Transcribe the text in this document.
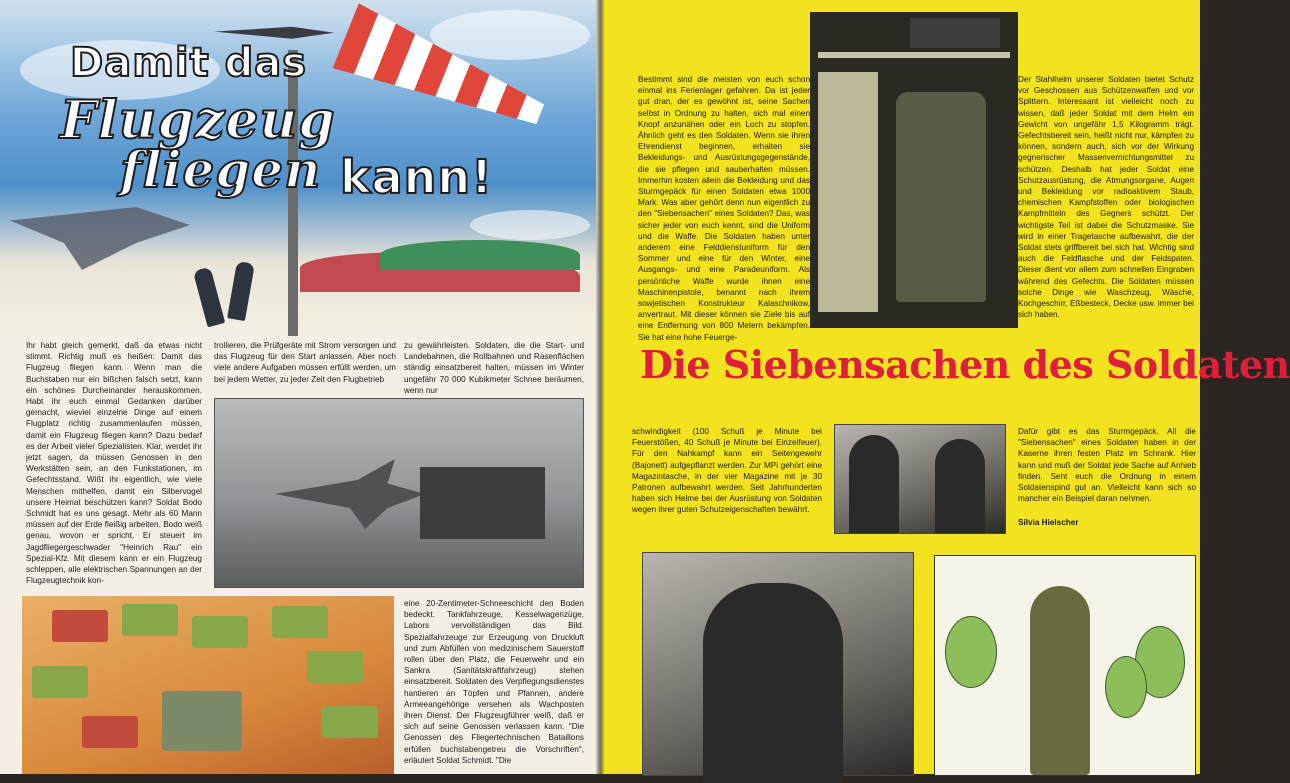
Damit das
Flugzeug
fliegen kann!

Ihr habt gleich gemerkt, daß da etwas nicht stimmt. Richtig muß es heißen: Damit das Flugzeug fliegen kann. Wenn man die Buchstaben nur ein bißchen falsch setzt, kann ein schönes Durcheinander herauskommen. Habt ihr euch einmal Gedanken darüber gemacht, wieviel einzelne Dinge auf einem Flugplatz richtig zusammenlaufen müssen, damit ein Flugzeug fliegen kann? Dazu bedarf es der Arbeit vieler Spezialisten. Klar, werdet ihr jetzt sagen, da müssen Genossen in den Werkstätten sein, an den Funkstationen, im Gefechtsstand. Wißt ihr eigentlich, wie viele Menschen mithelfen, damit ein Silbervogel unsere Heimat beschützen kann? Soldat Bodo Schmidt hat es uns gesagt. Mehr als 60 Mann müssen auf der Erde fleißig arbeiten. Bodo weiß genau, wovon er spricht. Er steuert im Jagdfliegergeschwader "Heinrich Rau" ein Spezial-Kfz. Mit diesem kann er ein Flugzeug schleppen, alle elektrischen Spannungen an der Flugzeugtechnik kon-

trollieren, die Prüfgeräte mit Strom versorgen und das Flugzeug für den Start anlassen. Aber noch viele andere Aufgaben müssen erfüllt werden, um bei jedem Wetter, zu jeder Zeit den Flugbetrieb

zu gewährleisten. Soldaten, die die Start- und Landebahnen, die Rollbahnen und Rasenflächen ständig einsatzbereit halten, müssen im Winter ungefähr 70 000 Kubikmeter Schnee beräumen, wenn nur

eine 20-Zentimeter-Schneeschicht den Boden bedeckt. Tankfahrzeuge, Kesselwagenzüge, Labors vervollständigen das Bild. Spezialfahrzeuge zur Erzeugung von Druckluft und zum Abfüllen von medizinischem Sauerstoff rollen über den Platz, die Feuerwehr und ein Sankra (Sanitätskraftfahrzeug) stehen einsatzbereit. Soldaten des Verpflegungsdienstes hantieren an Töpfen und Pfannen, andere Armeeangehörige versehen als Wachposten ihren Dienst. Der Flugzeugführer weiß, daß er sich auf seine Genossen verlassen kann. "Die Genossen des Fliegertechnischen Bataillons erfüllen buchstabengetreu die Vorschriften", erläutert Soldat Schmidt. "Die

Bestimmt sind die meisten von euch schon einmal ins Ferienlager gefahren. Da ist jeder gut dran, der es gewöhnt ist, seine Sachen selbst in Ordnung zu halten, sich mal einen Knopf anzunähen oder ein Loch zu stopfen. Ähnlich geht es den Soldaten. Wenn sie ihren Ehrendienst beginnen, erhalten sie Bekleidungs- und Ausrüstungsgegenstände, die sie pflegen und sauberhalten müssen. Immerhin kosten allein die Bekleidung und das Sturmgepäck für einen Soldaten etwa 1000 Mark. Was aber gehört denn nun eigentlich zu den "Siebensachen" eines Soldaten? Das, was sicher jeder von euch kennt, sind die Uniform und die Waffe. Die Soldaten haben unter anderem eine Felddienstuniform für den Sommer und eine für den Winter, eine Ausgangs- und eine Paradeuniform. Als persönliche Waffe wurde ihnen eine Maschinenpistole, benannt nach ihrem sowjetischen Konstrukteur Kalaschnikow, anvertraut. Mit dieser können sie Ziele bis auf eine Entfernung von 800 Metern bekämpfen. Sie hat eine hohe Feuerge-

Der Stahlhelm unserer Soldaten bietet Schutz vor Geschossen aus Schützenwaffen und vor Splittern. Interessant ist vielleicht noch zu wissen, daß jeder Soldat mit dem Helm ein Gewicht von ungefähr 1,5 Kilogramm trägt. Gefechtsbereit sein, heißt nicht nur, kämpfen zu können, sondern auch, sich vor der Wirkung gegnerischer Massenvernichtungsmittel zu schützen. Deshalb hat jeder Soldat eine Schutzausrüstung, die Atmungsorgane, Augen und Bekleidung vor radioaktivem Staub, chemischen Kampfstoffen oder biologischen Kampfmitteln des Gegners schützt. Der wichtigste Teil ist dabei die Schutzmaske. Sie wird in einer Tragetasche aufbewahrt, die der Soldat stets griffbereit bei sich hat. Wichtig sind auch die Feldflasche und der Feldspaten. Dieser dient vor allem zum schnellen Eingraben während des Gefechts. Die Soldaten müssen solche Dinge wie Waschzeug, Wäsche, Kochgeschirr, Eßbesteck, Decke usw. immer bei sich haben.

Die Siebensachen des Soldaten

schwindigkeit (100 Schuß je Minute bei Feuerstößen, 40 Schuß je Minute bei Einzelfeuer). Für den Nahkampf kann ein Seitengewehr (Bajonett) aufgepflanzt werden. Zur MPi gehört eine Magazintasche, in der vier Magazine mit je 30 Patronen aufbewahrt werden. Seit Jahrhunderten haben sich Helme bei der Ausrüstung von Soldaten wegen ihrer guten Schutzeigenschaften bewährt.

Dafür gibt es das Sturmgepäck. All die "Siebensachen" eines Soldaten haben in der Kaserne ihren festen Platz im Schrank. Hier kann und muß der Soldat jede Sache auf Anhieb finden. Seht euch die Ordnung in einem Soldatenspind gut an. Vielleicht kann sich so mancher ein Beispiel daran nehmen.

Silvia Hielscher
